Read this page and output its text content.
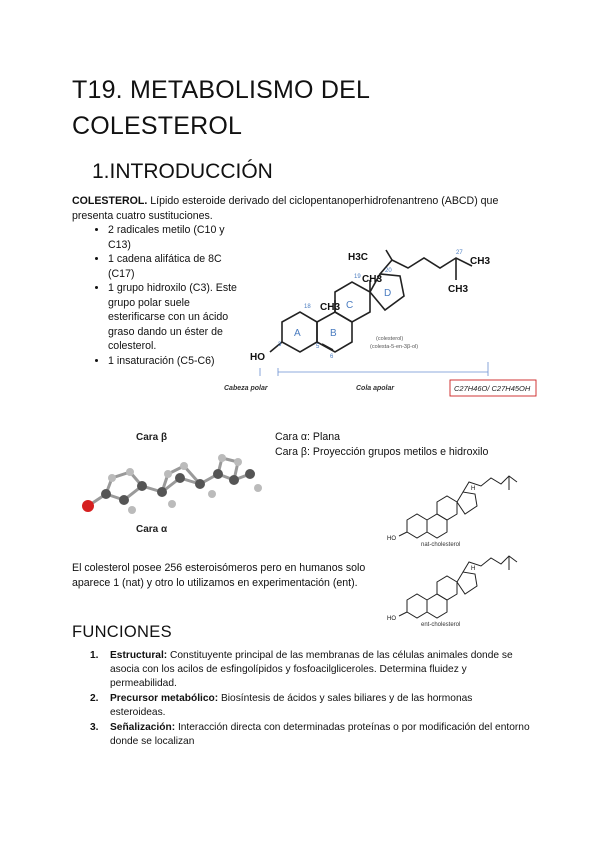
T19. METABOLISMO DEL
COLESTEROL
1.INTRODUCCIÓN
COLESTEROL. Lípido esteroide derivado del ciclopentanoperhidrofenantreno (ABCD) que presenta cuatro sustituciones.
• 2 radicales metilo (C10 y C13)
• 1 cadena alifática de 8C (C17)
• 1 grupo hidroxilo (C3). Este grupo polar suele esterificarse con un ácido graso dando un éster de colesterol.
• 1 insaturación (C5-C6)
A	B
C
D
H3C
CH3
CH3
CH3
CH3
HO
19
18
20
27
3	5
6
(colesterol)
(colesta-5-en-3β-ol)
Cabeza polar	Cola apolar	C27H46O/ C27H45OH
Cara β
Cara α
Cara α: Plana
Cara β: Proyección grupos metilos e hidroxilo
HO
H
nat-cholesterol
HO
H
ent-cholesterol
El colesterol posee 256 esteroisómeros pero en humanos solo aparece 1 (nat) y otro lo utilizamos en experimentación (ent).
FUNCIONES
1. Estructural: Constituyente principal de las membranas de las células animales donde se asocia con los acilos de esfingolípidos y fosfoacilgliceroles. Determina fluidez y permeabilidad.
2. Precursor metabólico: Biosíntesis de ácidos y sales biliares y de las hormonas esteroideas.
3. Señalización: Interacción directa con determinadas proteínas o por modificación del entorno donde se localizan
